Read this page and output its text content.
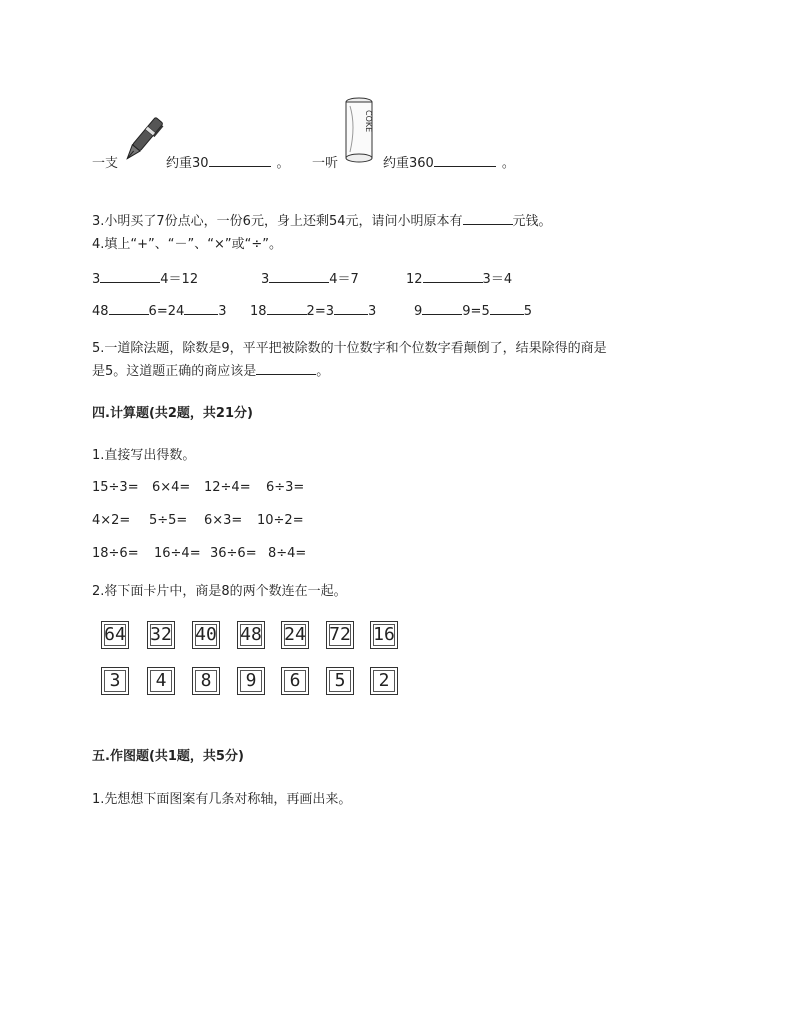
一支	约重30	。 一听
COKE
约重360	。
3.小明买了7份点心，一份6元，身上还剩54元，请问小明原本有	元钱。
4.填上“+”、“－”、“×”或“÷”。
3	4＝12	3	4＝7	12	3＝4
48	6=24	3 18	2=3	3	9	9=5	5
5.一道除法题，除数是9，平平把被除数的十位数字和个位数字看颠倒了，结果除得的商是
是5。这道题正确的商应该是	。
四.计算题(共2题，共21分)
1.直接写出得数。
15÷3= 6×4= 12÷4= 6÷3=
4×2= 5÷5= 6×3= 10÷2=
18÷6= 16÷4= 36÷6= 8÷4=
2.将下面卡片中，商是8的两个数连在一起。
64 32 40 48 24 72 16
3	4	8	9	6	5	2
五.作图题(共1题，共5分)
1.先想想下面图案有几条对称轴，再画出来。
